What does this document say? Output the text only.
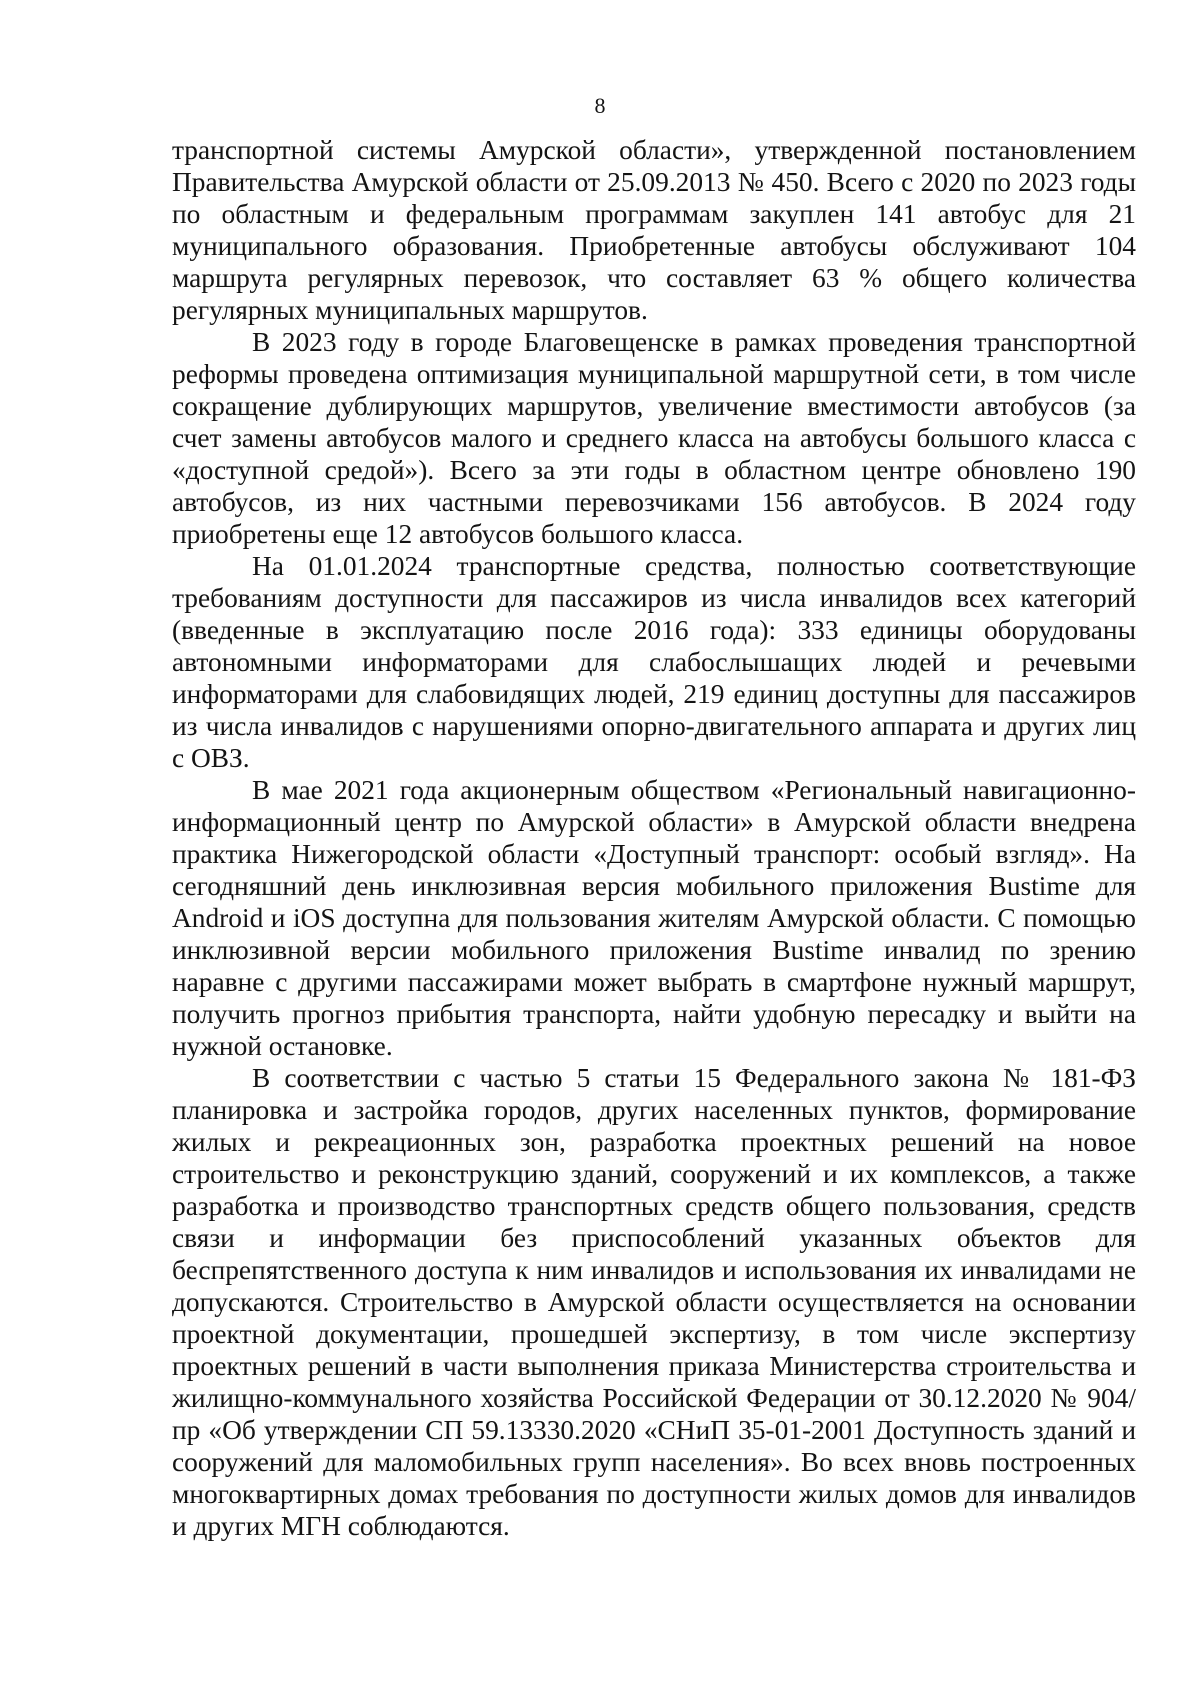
8

транспортной системы Амурской области», утвержденной постановлением Правительства Амурской области от 25.09.2013 № 450. Всего с 2020 по 2023 годы по областным и федеральным программам закуплен 141 автобус для 21 муниципального образования. Приобретенные автобусы обслуживают 104 маршрута регулярных перевозок, что составляет 63 % общего количества регулярных муниципальных маршрутов.

В 2023 году в городе Благовещенске в рамках проведения транспортной реформы проведена оптимизация муниципальной маршрутной сети, в том числе сокращение дублирующих маршрутов, увеличение вместимости автобусов (за счет замены автобусов малого и среднего класса на автобусы большого класса с «доступной средой»). Всего за эти годы в областном центре обновлено 190 автобусов, из них частными перевозчиками 156 автобусов. В 2024 году приобретены еще 12 автобусов большого класса.

На 01.01.2024 транспортные средства, полностью соответствующие требованиям доступности для пассажиров из числа инвалидов всех категорий (введенные в эксплуатацию после 2016 года): 333 единицы оборудованы автономными информаторами для слабослышащих людей и речевыми информаторами для слабовидящих людей, 219 единиц доступны для пассажиров из числа инвалидов с нарушениями опорно-двигательного аппарата и других лиц с ОВЗ.

В мае 2021 года акционерным обществом «Региональный навигационно-информационный центр по Амурской области» в Амурской области внедрена практика Нижегородской области «Доступный транспорт: особый взгляд». На сегодняшний день инклюзивная версия мобильного приложения Bustime для Android и iOS доступна для пользования жителям Амурской области. С помощью инклюзивной версии мобильного приложения Bustime инвалид по зрению наравне с другими пассажирами может выбрать в смартфоне нужный маршрут, получить прогноз прибытия транспорта, найти удобную пересадку и выйти на нужной остановке.

В соответствии с частью 5 статьи 15 Федерального закона № 181-ФЗ планировка и застройка городов, других населенных пунктов, формирование жилых и рекреационных зон, разработка проектных решений на новое строительство и реконструкцию зданий, сооружений и их комплексов, а также разработка и производство транспортных средств общего пользования, средств связи и информации без приспособлений указанных объектов для беспрепятственного доступа к ним инвалидов и использования их инвалидами не допускаются. Строительство в Амурской области осуществляется на основании проектной документации, прошедшей экспертизу, в том числе экспертизу проектных решений в части выполнения приказа Министерства строительства и жилищно-коммунального хозяйства Российской Федерации от 30.12.2020 № 904/пр «Об утверждении СП 59.13330.2020 «СНиП 35-01-2001 Доступность зданий и сооружений для маломобильных групп населения». Во всех вновь построенных многоквартирных домах требования по доступности жилых домов для инвалидов и других МГН соблюдаются.
